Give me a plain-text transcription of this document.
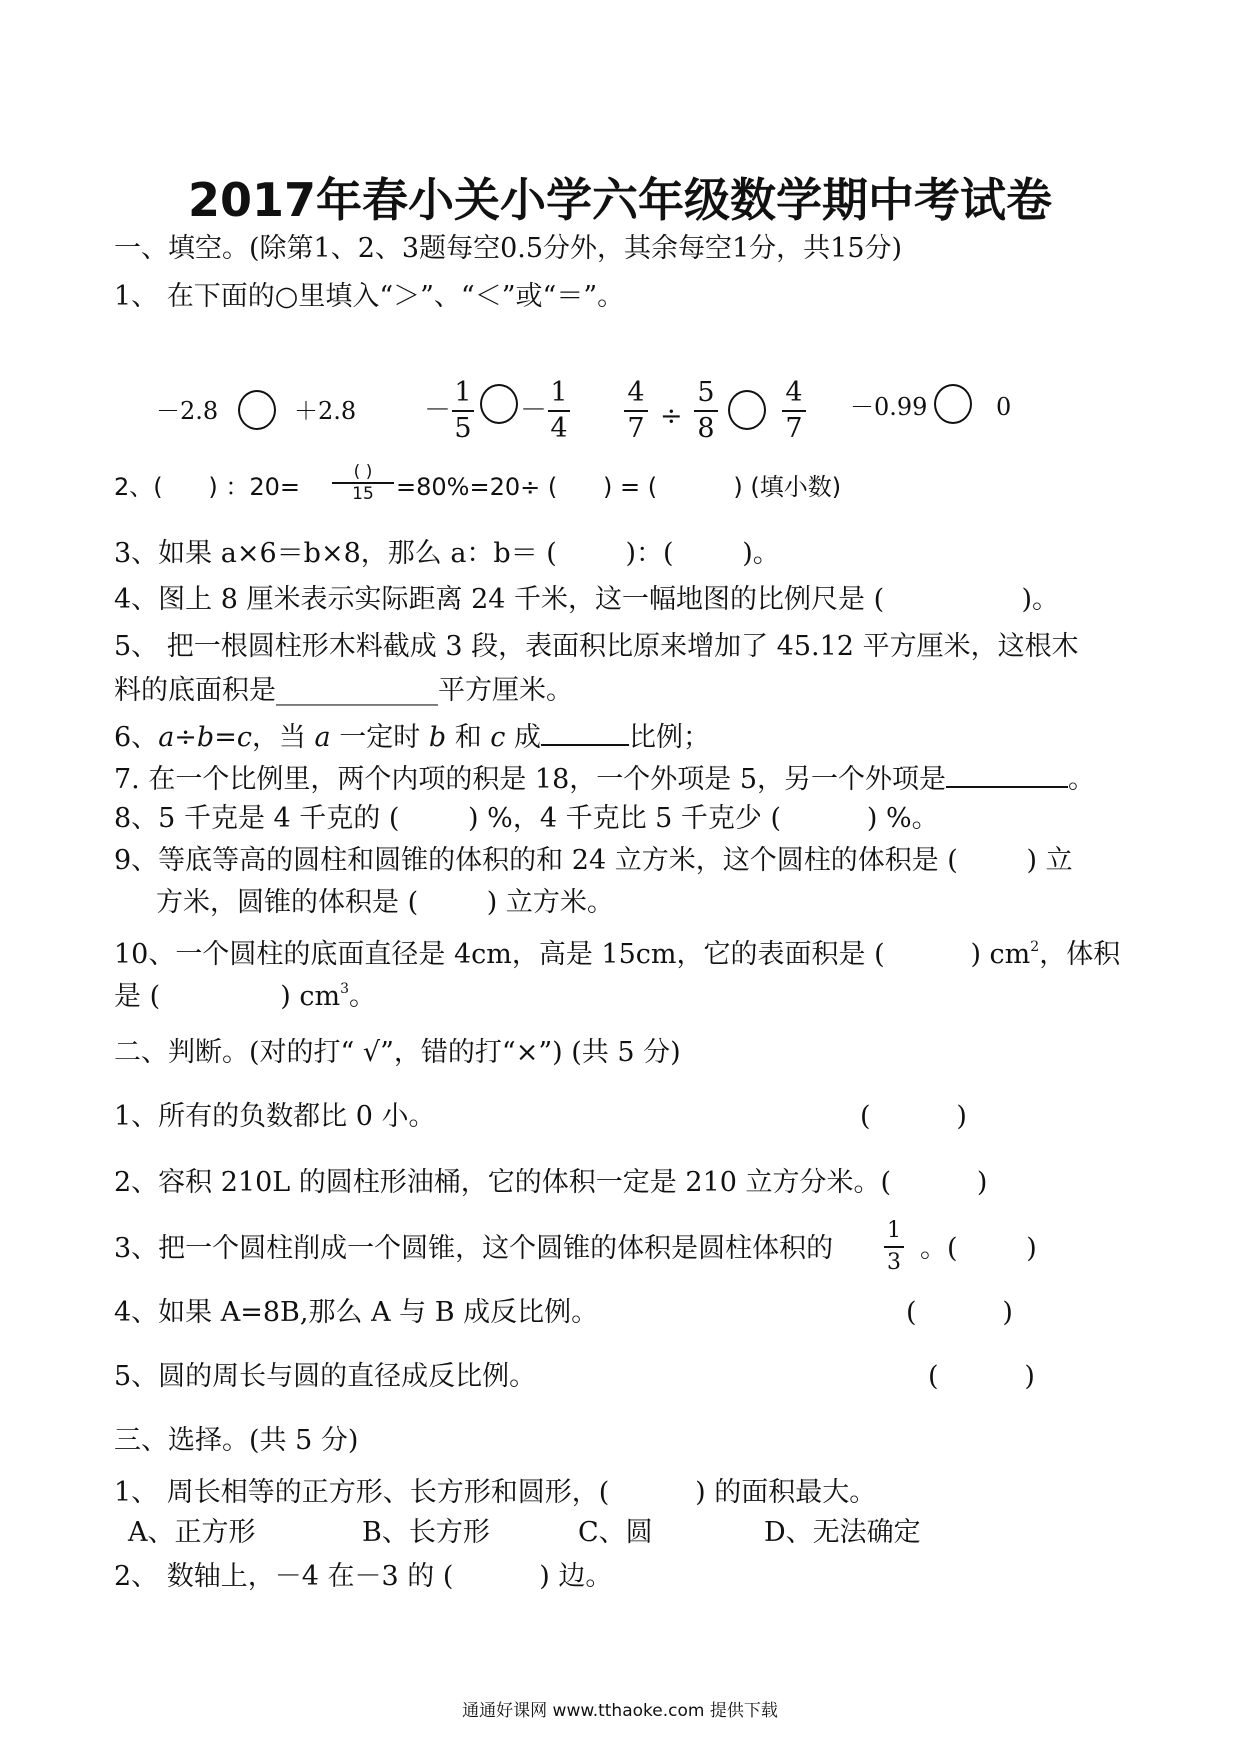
2017年春小关小学六年级数学期中考试卷
一、填空。(除第1、2、3题每空0.5分外，其余每空1分，共15分)
1、 在下面的○里填入“＞”、“＜”或“＝”。
－2.8	＋2.8	－
1
5
－
1
4
4
7 ÷
5
8
4
7
－0.99	0
2、(      ) ：20=
( )
15 =80%=20÷ (      ) = (          ) (填小数)
3、如果 a×6＝b×8，那么 a：b＝ (        )：(        )。
4、图上 8 厘米表示实际距离 24 千米，这一幅地图的比例尺是 (                )。
5、 把一根圆柱形木料截成 3 段，表面积比原来增加了 45.12 平方厘米，这根木
料的底面积是____________平方厘米。
6、a÷b=c，当 a 一定时 b 和 c 成	比例；
7. 在一个比例里，两个内项的积是 18，一个外项是 5，另一个外项是	。
8、5 千克是 4 千克的 (        ) %，4 千克比 5 千克少 (          ) %。
9、等底等高的圆柱和圆锥的体积的和 24 立方米，这个圆柱的体积是 (        ) 立
方米，圆锥的体积是 (        ) 立方米。
10、一个圆柱的底面直径是 4cm，高是 15cm，它的表面积是 (          ) $cm^2$，体积
是 (              ) $cm^3$。
二、判断。(对的打“ √”，错的打“×”) (共 5 分)
1、所有的负数都比 0 小。	(          )
2、容积 210L 的圆柱形油桶，它的体积一定是 210 立方分米。(          )
3、把一个圆柱削成一个圆锥，这个圆锥的体积是圆柱体积的
1
3 。(        )
4、如果 A=8B,那么 A 与 B 成反比例。	(          )
5、圆的周长与圆的直径成反比例。	(          )
三、选择。(共 5 分)
1、 周长相等的正方形、长方形和圆形，(          ) 的面积最大。
A、正方形	B、长方形	C、圆	D、无法确定
2、 数轴上，－4 在－3 的 (          ) 边。
通通好课网 www.tthaoke.com 提供下载
